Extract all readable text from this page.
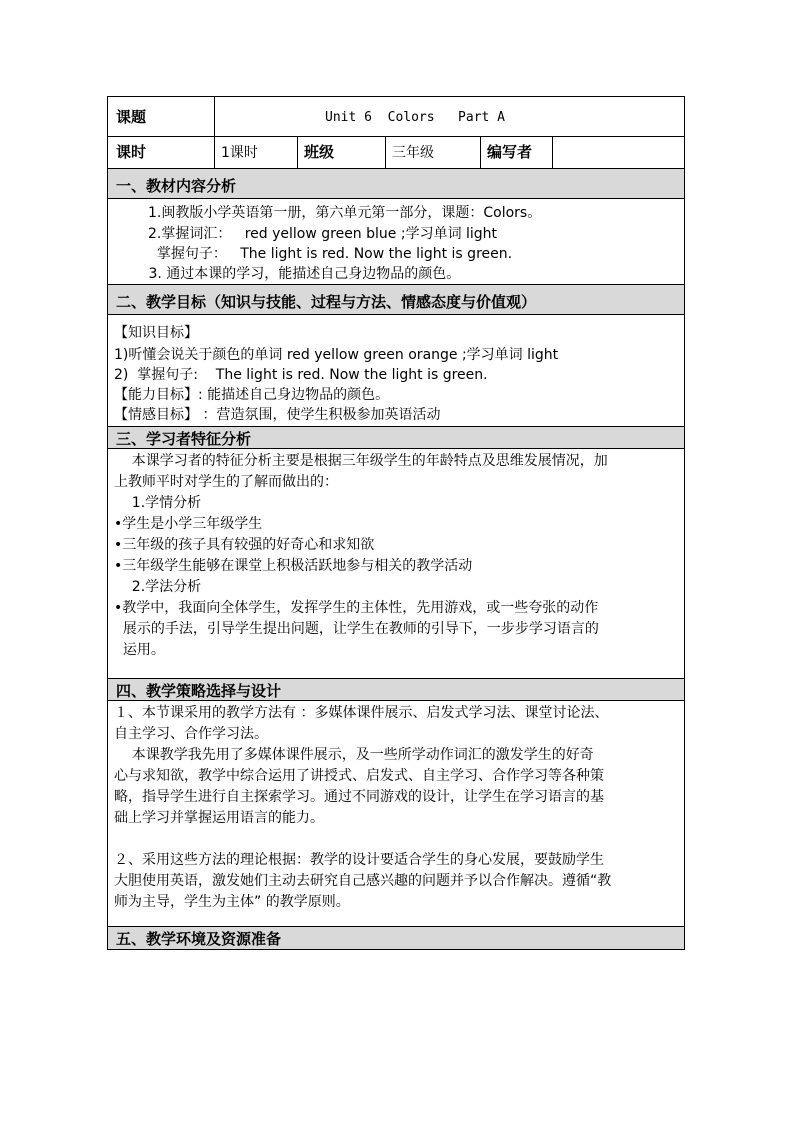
课题	Unit 6  Colors   Part A
课时	1课时	班级	三年级	编写者
一、教材内容分析
1.闽教版小学英语第一册，第六单元第一部分，课题：Colors。
2.掌握词汇：   red yellow green blue ;学习单词 light
掌握句子：   The light is red. Now the light is green.
3. 通过本课的学习，能描述自己身边物品的颜色。
二、教学目标（知识与技能、过程与方法、情感态度与价值观）
【知识目标】
1)听懂会说关于颜色的单词 red yellow green orange ;学习单词 light
2)  掌握句子:    The light is red. Now the light is green.
【能力目标】: 能描述自己身边物品的颜色。
【情感目标】 ：营造氛围，使学生积极参加英语活动
三、学习者特征分析
本课学习者的特征分析主要是根据三年级学生的年龄特点及思维发展情况，加
上教师平时对学生的了解而做出的：
1.学情分析
•学生是小学三年级学生
•三年级的孩子具有较强的好奇心和求知欲
•三年级学生能够在课堂上积极活跃地参与相关的教学活动
2.学法分析
•教学中，我面向全体学生，发挥学生的主体性，先用游戏，或一些夸张的动作
展示的手法，引导学生提出问题，让学生在教师的引导下，一步步学习语言的
运用。
四、教学策略选择与设计
１、本节课采用的教学方法有 ：多媒体课件展示、启发式学习法、课堂讨论法、
自主学习、合作学习法。
本课教学我先用了多媒体课件展示，及一些所学动作词汇的激发学生的好奇
心与求知欲，教学中综合运用了讲授式、启发式、自主学习、合作学习等各种策
略，指导学生进行自主探索学习。通过不同游戏的设计，让学生在学习语言的基
础上学习并掌握运用语言的能力。
２、采用这些方法的理论根据：教学的设计要适合学生的身心发展，要鼓励学生
大胆使用英语，激发她们主动去研究自己感兴趣的问题并予以合作解决。遵循“教
师为主导，学生为主体” 的教学原则。
五、教学环境及资源准备
